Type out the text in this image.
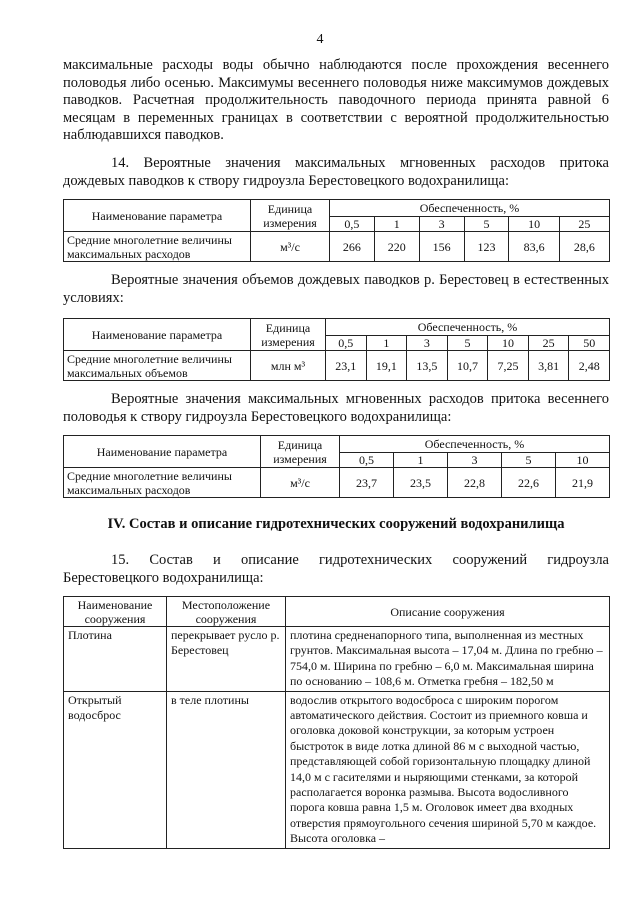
4

максимальные расходы воды обычно наблюдаются после прохождения весеннего половодья либо осенью. Максимумы весеннего половодья ниже максимумов дождевых паводков. Расчетная продолжительность паводочного периода принята равной 6 месяцам в переменных границах в соответствии с вероятной продолжительностью наблюдавшихся паводков.

14. Вероятные значения максимальных мгновенных расходов притока дождевых паводков к створу гидроузла Берестовецкого водохранилища:

Наименование параметра	Единица измерения	Обеспеченность, %					
		0,5	1	3	5	10	25
Средние многолетние величины максимальных расходов	м³/с	266	220	156	123	83,6	28,6

Вероятные значения объемов дождевых паводков р. Берестовец в естественных условиях:

Наименование параметра	Единица измерения	Обеспеченность, %						
		0,5	1	3	5	10	25	50
Средние многолетние величины максимальных объемов	млн м³	23,1	19,1	13,5	10,7	7,25	3,81	2,48

Вероятные значения максимальных мгновенных расходов притока весеннего половодья к створу гидроузла Берестовецкого водохранилища:

Наименование параметра	Единица измерения	Обеспеченность, %				
		0,5	1	3	5	10
Средние многолетние величины максимальных расходов	м³/с	23,7	23,5	22,8	22,6	21,9
IV. Состав и описание гидротехнических сооружений водохранилища

15. Состав и описание гидротехнических сооружений гидроузла Берестовецкого водохранилища:

Наименование сооружения	Местоположение сооружения	Описание сооружения
Плотина	перекрывает русло р. Берестовец	плотина средненапорного типа, выполненная из местных грунтов. Максимальная высота – 17,04 м. Длина по гребню – 754,0 м. Ширина по гребню – 6,0 м. Максимальная ширина по основанию – 108,6 м. Отметка гребня – 182,50 м
Открытый водосброс	в теле плотины	водослив открытого водосброса с широким порогом автоматического действия. Состоит из приемного ковша и оголовка доковой конструкции, за которым устроен быстроток в виде лотка длиной 86 м с выходной частью, представляющей собой горизонтальную площадку длиной 14,0 м с гасителями и ныряющими стенками, за которой располагается воронка размыва. Высота водосливного порога ковша равна 1,5 м. Оголовок имеет два входных отверстия прямоугольного сечения шириной 5,70 м каждое. Высота оголовка –
